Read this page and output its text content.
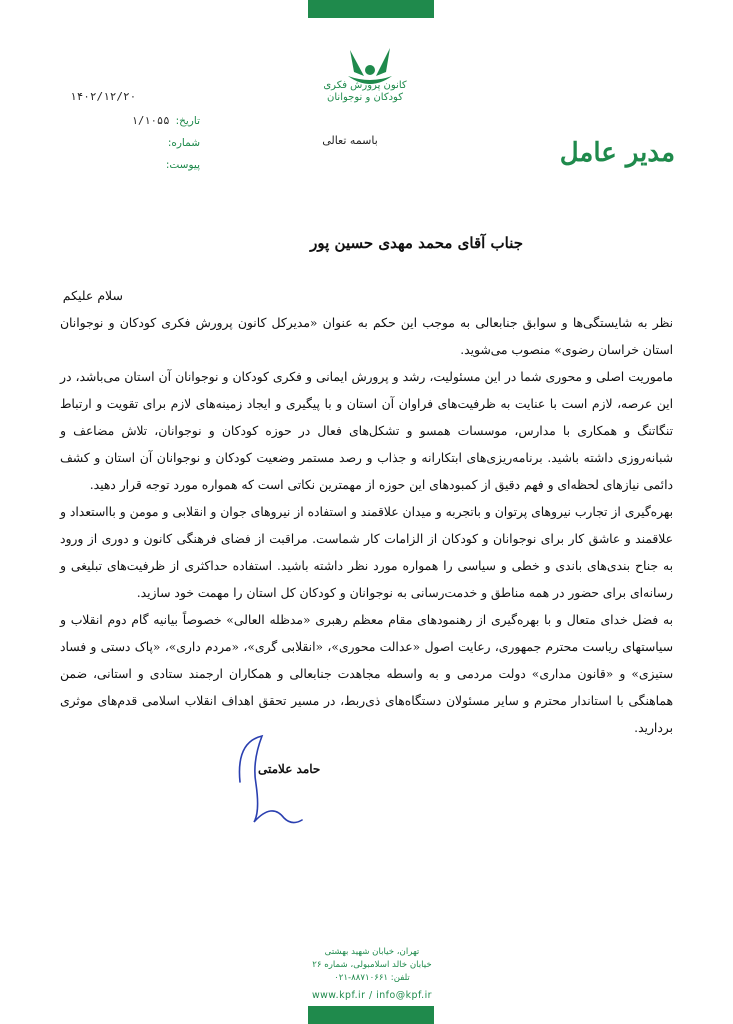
کانون پرورش فکری
کودکان و نوجوانان
باسمه تعالی	مدیر عامل
۱۴۰۲/۱۲/۲۰
تاریخ:
۱/۱۰۵۵
شماره:
پیوست:
جناب آقای محمد مهدی حسین پور
سلام علیکم

نظر به شایستگی‌ها و سوابق جنابعالی به موجب این حکم به عنوان «مدیرکل کانون پرورش فکری کودکان و نوجوانان استان خراسان رضوی» منصوب می‌شوید.

ماموریت اصلی و محوری شما در این مسئولیت، رشد و پرورش ایمانی و فکری کودکان و نوجوانان آن استان می‌باشد، در این عرصه، لازم است با عنایت به ظرفیت‌های فراوان آن استان و با پیگیری و ایجاد زمینه‌های لازم برای تقویت و ارتباط تنگاتنگ و همکاری با مدارس، موسسات همسو و تشکل‌های فعال در حوزه کودکان و نوجوانان، تلاش مضاعف و شبانه‌روزی داشته باشید. برنامه‌ریزی‌های ابتکارانه و جذاب و رصد مستمر وضعیت کودکان و نوجوانان آن استان و کشف دائمی نیازهای لحظه‌ای و فهم دقیق از کمبودهای این حوزه از مهمترین نکاتی است که همواره مورد توجه قرار دهید.

بهره‌گیری از تجارب نیروهای پرتوان و باتجربه و میدان علاقمند و استفاده از نیروهای جوان و انقلابی و مومن و بااستعداد و علاقمند و عاشق کار برای نوجوانان و کودکان از الزامات کار شماست. مراقبت از فضای فرهنگی کانون و دوری از ورود به جناح بندی‌های باندی و خطی و سیاسی را همواره مورد نظر داشته باشید. استفاده حداکثری از ظرفیت‌های تبلیغی و رسانه‌ای برای حضور در همه مناطق و خدمت‌رسانی به نوجوانان و کودکان کل استان را مهمت خود سازید.

به فضل خدای متعال و با بهره‌گیری از رهنمودهای مقام معظم رهبری «مدظله العالی» خصوصاً بیانیه گام دوم انقلاب و سیاستهای ریاست محترم جمهوری، رعایت اصول «عدالت محوری»، «انقلابی گری»، «مردم داری»، «پاک دستی و فساد ستیزی» و «قانون مداری» دولت مردمی و به واسطه مجاهدت جنابعالی و همکاران ارجمند ستادی و استانی، ضمن هماهنگی با استاندار محترم و سایر مسئولان دستگاه‌های ذی‌ربط، در مسیر تحقق اهداف انقلاب اسلامی قدم‌های موثری بردارید.

حامد علامتی
تهران، خیابان شهید بهشتی
خیابان خالد اسلامبولی، شماره ۲۶
تلفن: ۸۸۷۱۰۶۶۱-۰۲۱
www.kpf.ir / info@kpf.ir
